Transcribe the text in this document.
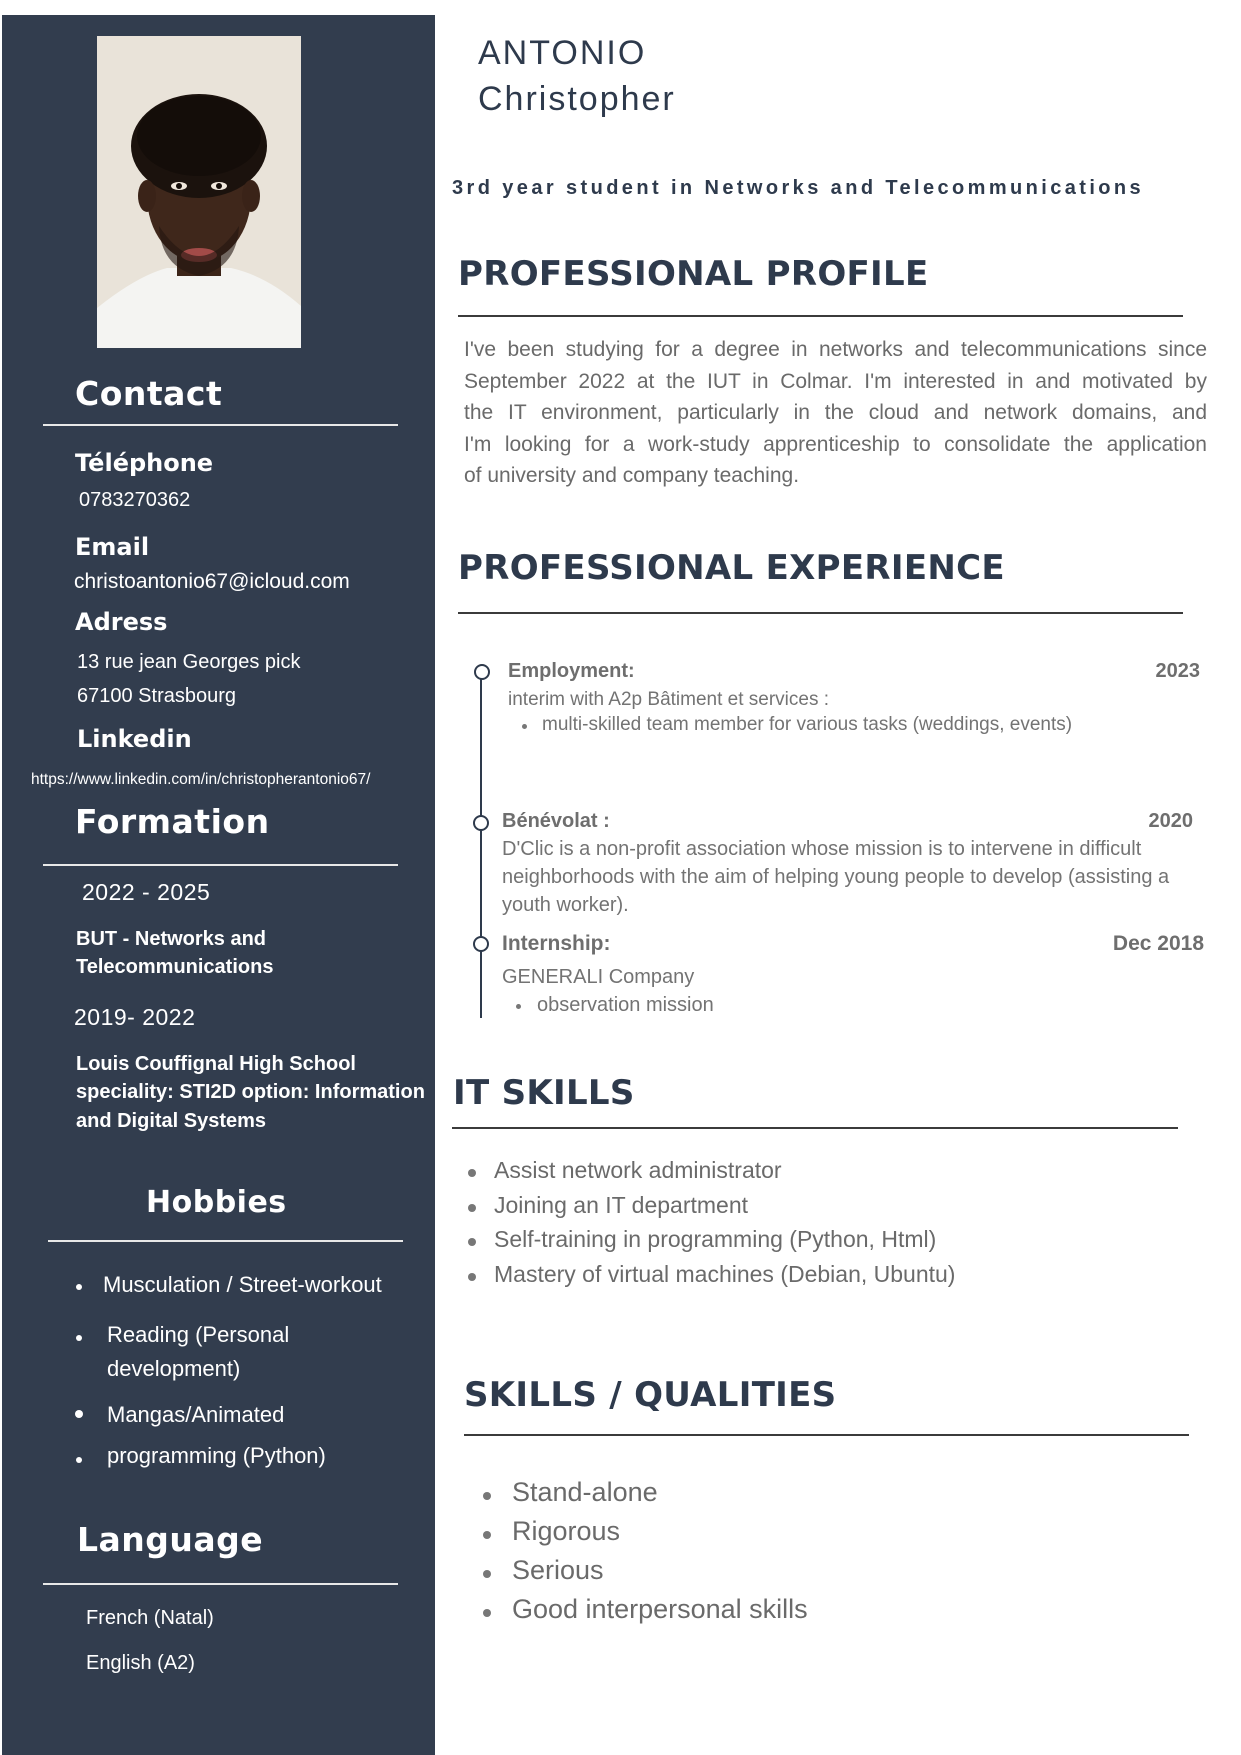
Contact
Téléphone
0783270362
Email
christoantonio67@icloud.com
Adress
13 rue jean Georges pick
67100 Strasbourg
Linkedin
https://www.linkedin.com/in/christopherantonio67/
Formation
2022 - 2025
BUT - Networks and
Telecommunications
2019- 2022
Louis Couffignal High School
speciality: STI2D option: Information
and Digital Systems
Hobbies
Musculation / Street-workout
Reading (Personal
development)
Mangas/Animated
programming (Python)
Language
French (Natal)
English (A2)
ANTONIO
Christopher
3rd year student in Networks and Telecommunications
PROFESSIONAL PROFILE
I've been studying for a degree in networks and telecommunications since
September 2022 at the IUT in Colmar. I'm interested in and motivated by
the IT environment, particularly in the cloud and network domains, and
I'm looking for a work-study apprenticeship to consolidate the application
of university and company teaching.
PROFESSIONAL EXPERIENCE
Employment:	2023
interim with A2p Bâtiment et services :
multi-skilled team member for various tasks (weddings, events)
Bénévolat :	2020
D'Clic is a non-profit association whose mission is to intervene in difficult
neighborhoods with the aim of helping young people to develop (assisting a
youth worker).
Internship:	Dec 2018
GENERALI Company
observation mission
IT SKILLS
Assist network administrator
Joining an IT department
Self-training in programming (Python, Html)
Mastery of virtual machines (Debian, Ubuntu)
SKILLS / QUALITIES
Stand-alone
Rigorous
Serious
Good interpersonal skills
